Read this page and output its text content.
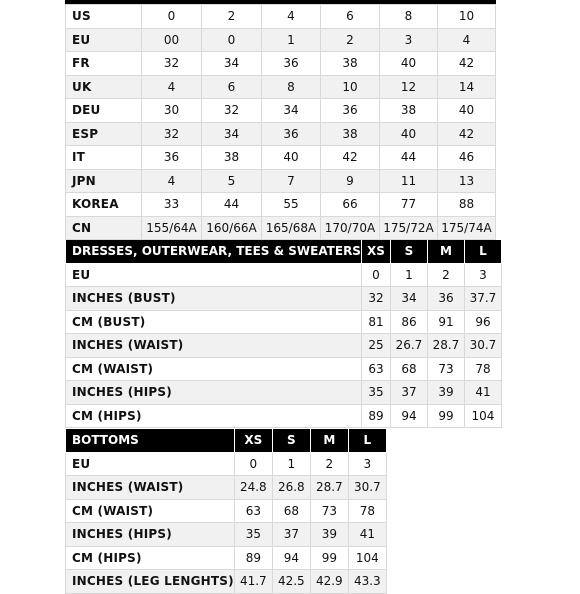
US	0	2	4	6	8	10
EU	00	0	1	2	3	4
FR	32	34	36	38	40	42
UK	4	6	8	10	12	14
DEU	30	32	34	36	38	40
ESP	32	34	36	38	40	42
IT	36	38	40	42	44	46
JPN	4	5	7	9	11	13
KOREA	33	44	55	66	77	88
CN	155/64A	160/66A	165/68A	170/70A	175/72A	175/74A
DRESSES, OUTERWEAR, TEES & SWEATERS	XS	S	M	L
EU	0	1	2	3
INCHES (BUST)	32	34	36	37.7
CM (BUST)	81	86	91	96
INCHES (WAIST)	25	26.7	28.7	30.7
CM (WAIST)	63	68	73	78
INCHES (HIPS)	35	37	39	41
CM (HIPS)	89	94	99	104
BOTTOMS	XS	S	M	L
EU	0	1	2	3
INCHES (WAIST)	24.8	26.8	28.7	30.7
CM (WAIST)	63	68	73	78
INCHES (HIPS)	35	37	39	41
CM (HIPS)	89	94	99	104
INCHES (LEG LENGHTS)	41.7	42.5	42.9	43.3
